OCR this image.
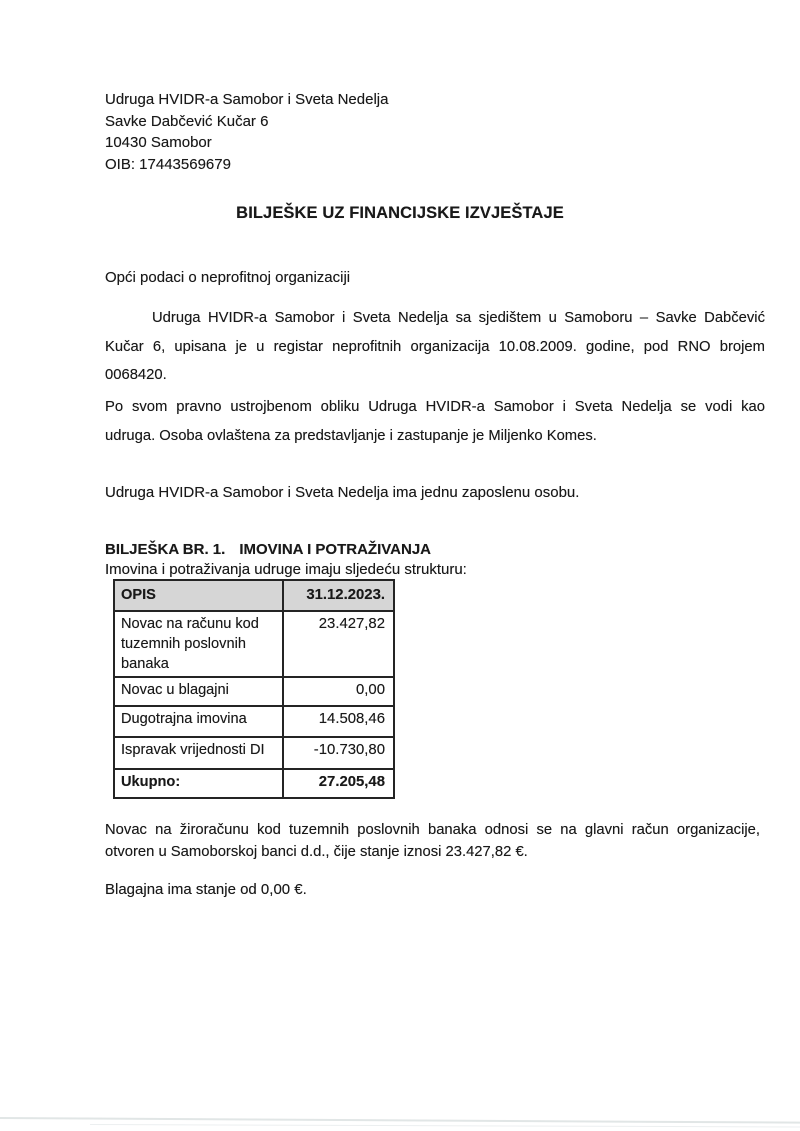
Udruga HVIDR-a Samobor i Sveta Nedelja
Savke Dabčević Kučar 6
10430 Samobor
OIB: 17443569679
BILJEŠKE UZ FINANCIJSKE IZVJEŠTAJE
Opći podaci o neprofitnoj organizaciji
Udruga HVIDR-a Samobor i Sveta Nedelja sa sjedištem u Samoboru – Savke Dabčević
Kučar 6, upisana je u registar neprofitnih organizacija 10.08.2009. godine, pod RNO brojem
0068420.
Po svom pravno ustrojbenom obliku Udruga HVIDR-a Samobor i Sveta Nedelja se vodi kao
udruga. Osoba ovlaštena za predstavljanje i zastupanje je Miljenko Komes.
Udruga HVIDR-a Samobor i Sveta Nedelja ima jednu zaposlenu osobu.
BILJEŠKA BR. 1. IMOVINA I POTRAŽIVANJA
Imovina i potraživanja udruge imaju sljedeću strukturu:
OPIS	31.12.2023.
Novac na računu kod tuzemnih poslovnih banaka	23.427,82
Novac u blagajni	0,00
Dugotrajna imovina	14.508,46
Ispravak vrijednosti DI	-10.730,80
Ukupno:	27.205,48
Novac na žiroračunu kod tuzemnih poslovnih banaka odnosi se na glavni račun organizacije,
otvoren u Samoborskoj banci d.d., čije stanje iznosi 23.427,82 €.
Blagajna ima stanje od 0,00 €.
